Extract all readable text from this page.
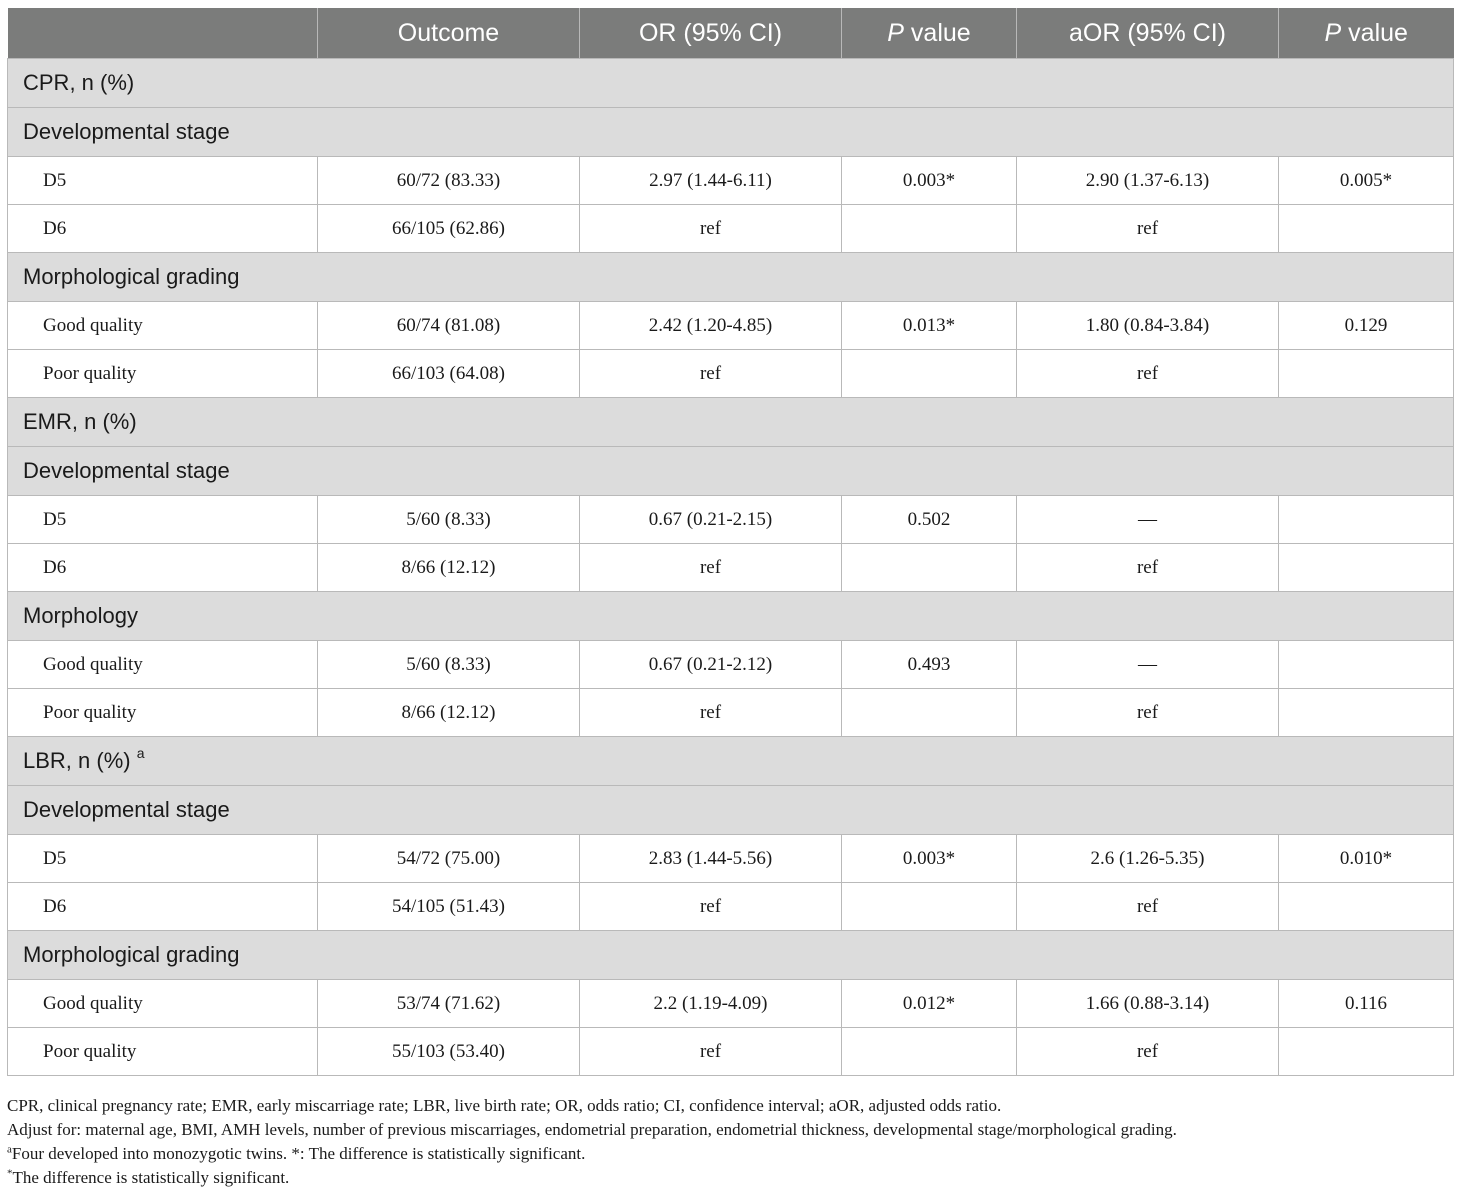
	Outcome	OR (95% CI)	P value	aOR (95% CI)	P value
CPR, n (%)					
Developmental stage					
D5	60/72 (83.33)	2.97 (1.44-6.11)	0.003*	2.90 (1.37-6.13)	0.005*
D6	66/105 (62.86)	ref		ref	
Morphological grading					
Good quality	60/74 (81.08)	2.42 (1.20-4.85)	0.013*	1.80 (0.84-3.84)	0.129
Poor quality	66/103 (64.08)	ref		ref	
EMR, n (%)					
Developmental stage					
D5	5/60 (8.33)	0.67 (0.21-2.15)	0.502	—	
D6	8/66 (12.12)	ref		ref	
Morphology					
Good quality	5/60 (8.33)	0.67 (0.21-2.12)	0.493	—	
Poor quality	8/66 (12.12)	ref		ref	
LBR, n (%) $^a$
Developmental stage					
D5	54/72 (75.00)	2.83 (1.44-5.56)	0.003*	2.6 (1.26-5.35)	0.010*
D6	54/105 (51.43)	ref		ref	
Morphological grading					
Good quality	53/74 (71.62)	2.2 (1.19-4.09)	0.012*	1.66 (0.88-3.14)	0.116
Poor quality	55/103 (53.40)	ref		ref	

CPR, clinical pregnancy rate; EMR, early miscarriage rate; LBR, live birth rate; OR, odds ratio; CI, confidence interval; aOR, adjusted odds ratio.

Adjust for: maternal age, BMI, AMH levels, number of previous miscarriages, endometrial preparation, endometrial thickness, developmental stage/morphological grading.

$^a$Four developed into monozygotic twins. *: The difference is statistically significant.

*The difference is statistically significant.
